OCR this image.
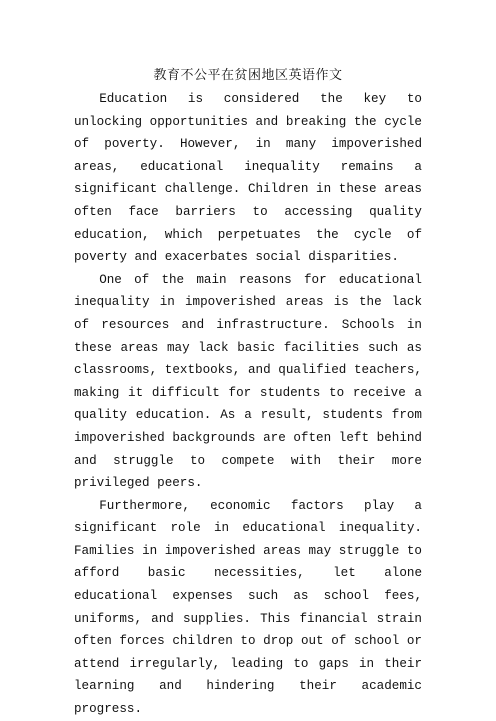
教育不公平在贫困地区英语作文

Education is considered the key to unlocking opportunities and breaking the cycle of poverty. However, in many impoverished areas, educational inequality remains a significant challenge. Children in these areas often face barriers to accessing quality education, which perpetuates the cycle of poverty and exacerbates social disparities.

One of the main reasons for educational inequality in impoverished areas is the lack of resources and infrastructure. Schools in these areas may lack basic facilities such as classrooms, textbooks, and qualified teachers, making it difficult for students to receive a quality education. As a result, students from impoverished backgrounds are often left behind and struggle to compete with their more privileged peers.

Furthermore, economic factors play a significant role in educational inequality. Families in impoverished areas may struggle to afford basic necessities, let alone educational expenses such as school fees, uniforms, and supplies. This financial strain often forces children to drop out of school or attend irregularly, leading to gaps in their learning and hindering their academic progress.
